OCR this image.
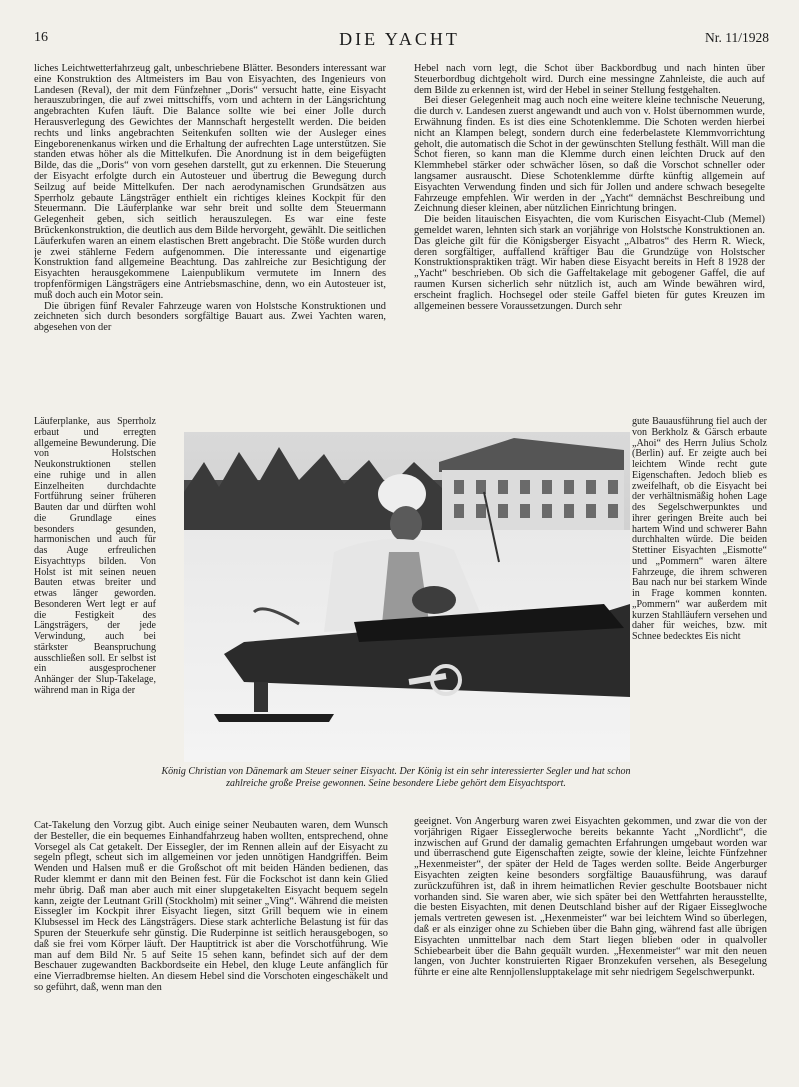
16	DIE YACHT	Nr. 11/1928

liches Leichtwetterfahrzeug galt, unbeschriebene Blätter. Besonders interessant war eine Konstruktion des Altmeisters im Bau von Eisyachten, des Ingenieurs von Landesen (Reval), der mit dem Fünfzehner „Doris“ versucht hatte, eine Eisyacht herauszubringen, die auf zwei mittschiffs, vorn und achtern in der Längsrichtung angebrachten Kufen läuft. Die Balance sollte wie bei einer Jolle durch Herausverlegung des Gewichtes der Mannschaft hergestellt werden. Die beiden rechts und links angebrachten Seitenkufen sollten wie der Ausleger eines Eingeborenenkanus wirken und die Erhaltung der aufrechten Lage unterstützen. Sie standen etwas höher als die Mittelkufen. Die Anordnung ist in dem beigefügten Bilde, das die „Doris“ von vorn gesehen darstellt, gut zu erkennen. Die Steuerung der Eisyacht erfolgte durch ein Autosteuer und übertrug die Bewegung durch Seilzug auf beide Mittelkufen. Der nach aerodynamischen Grundsätzen aus Sperrholz gebaute Längsträger enthielt ein richtiges kleines Kockpit für den Steuermann. Die Läuferplanke war sehr breit und sollte dem Steuermann Gelegenheit geben, sich seitlich herauszulegen. Es war eine feste Brückenkonstruktion, die deutlich aus dem Bilde hervorgeht, gewählt. Die seitlichen Läuferkufen waren an einem elastischen Brett angebracht. Die Stöße wurden durch je zwei stählerne Federn aufgenommen. Die interessante und eigenartige Konstruktion fand allgemeine Beachtung. Das zahlreiche zur Besichtigung der Eisyachten herausgekommene Laienpublikum vermutete im Innern des tropfenförmigen Längsträgers eine Antriebsmaschine, denn, wo ein Autosteuer ist, muß doch auch ein Motor sein.

Die übrigen fünf Revaler Fahrzeuge waren von Holstsche Konstruktionen und zeichneten sich durch besonders sorgfältige Bauart aus. Zwei Yachten waren, abgesehen von der

Hebel nach vorn legt, die Schot über Backbordbug und nach hinten über Steuerbordbug dichtgeholt wird. Durch eine messingne Zahnleiste, die auch auf dem Bilde zu erkennen ist, wird der Hebel in seiner Stellung festgehalten.

Bei dieser Gelegenheit mag auch noch eine weitere kleine technische Neuerung, die durch v. Landesen zuerst angewandt und auch von v. Holst übernommen wurde, Erwähnung finden. Es ist dies eine Schotenklemme. Die Schoten werden hierbei nicht an Klampen belegt, sondern durch eine federbelastete Klemmvorrichtung geholt, die automatisch die Schot in der gewünschten Stellung festhält. Will man die Schot fieren, so kann man die Klemme durch einen leichten Druck auf den Klemmhebel stärker oder schwächer lösen, so daß die Vorschot schneller oder langsamer ausrauscht. Diese Schotenklemme dürfte künftig allgemein auf Eisyachten Verwendung finden und sich für Jollen und andere schwach besegelte Fahrzeuge empfehlen. Wir werden in der „Yacht“ demnächst Beschreibung und Zeichnung dieser kleinen, aber nützlichen Einrichtung bringen.

Die beiden litauischen Eisyachten, die vom Kurischen Eisyacht-Club (Memel) gemeldet waren, lehnten sich stark an vorjährige von Holstsche Konstruktionen an. Das gleiche gilt für die Königsberger Eisyacht „Albatros“ des Herrn R. Wieck, deren sorgfältiger, auffallend kräftiger Bau die Grundzüge von Holstscher Konstruktionspraktiken trägt. Wir haben diese Eisyacht bereits in Heft 8 1928 der „Yacht“ beschrieben. Ob sich die Gaffeltakelage mit gebogener Gaffel, die auf raumen Kursen sicherlich sehr nützlich ist, auch am Winde bewähren wird, erscheint fraglich. Hochsegel oder steile Gaffel bieten für gutes Kreuzen im allgemeinen bessere Voraussetzungen. Durch sehr

Läuferplanke, aus Sperrholz erbaut und erregten allgemeine Bewunderung. Die von Holstschen Neukonstruktionen stellen eine ruhige und in allen Einzelheiten durchdachte Fortführung seiner früheren Bauten dar und dürften wohl die Grundlage eines besonders gesunden, harmonischen und auch für das Auge erfreulichen Eisyachttyps bilden. Von Holst ist mit seinen neuen Bauten etwas breiter und etwas länger geworden. Besonderen Wert legt er auf die Festigkeit des Längsträgers, der jede Verwindung, auch bei stärkster Beanspruchung ausschließen soll. Er selbst ist ein ausgesprochener Anhänger der Slup-Takelage, während man in Riga der

gute Bauausführung fiel auch der von Berkholz & Gärsch erbaute „Ahoi“ des Herrn Julius Scholz (Berlin) auf. Er zeigte auch bei leichtem Winde recht gute Eigenschaften. Jedoch blieb es zweifelhaft, ob die Eisyacht bei der verhältnismäßig hohen Lage des Segelschwerpunktes und ihrer geringen Breite auch bei hartem Wind und schwerer Bahn durchhalten würde. Die beiden Stettiner Eisyachten „Eismotte“ und „Pommern“ waren ältere Fahrzeuge, die ihrem schweren Bau nach nur bei starkem Winde in Frage kommen konnten. „Pommern“ war außerdem mit kurzen Stahlläufern versehen und daher für weiches, bzw. mit Schnee bedecktes Eis nicht

König Christian von Dänemark am Steuer seiner Eisyacht. Der König ist ein sehr interessierter Segler und hat schon zahlreiche große Preise gewonnen. Seine besondere Liebe gehört dem Eisyachtsport.

Cat-Takelung den Vorzug gibt. Auch einige seiner Neubauten waren, dem Wunsch der Besteller, die ein bequemes Einhandfahrzeug haben wollten, entsprechend, ohne Vorsegel als Cat getakelt. Der Eissegler, der im Rennen allein auf der Eisyacht zu segeln pflegt, scheut sich im allgemeinen vor jeden unnötigen Handgriffen. Beim Wenden und Halsen muß er die Großschot oft mit beiden Händen bedienen, das Ruder klemmt er dann mit den Beinen fest. Für die Fockschot ist dann kein Glied mehr übrig. Daß man aber auch mit einer slupgetakelten Eisyacht bequem segeln kann, zeigte der Leutnant Grill (Stockholm) mit seiner „Ving“. Während die meisten Eissegler im Kockpit ihrer Eisyacht liegen, sitzt Grill bequem wie in einem Klubsessel im Heck des Längsträgers. Diese stark achterliche Belastung ist für das Spuren der Steuerkufe sehr günstig. Die Ruderpinne ist seitlich herausgebogen, so daß sie frei vom Körper läuft. Der Hauptitrick ist aber die Vorschotführung. Wie man auf dem Bild Nr. 5 auf Seite 15 sehen kann, befindet sich auf der dem Beschauer zugewandten Backbordseite ein Hebel, den kluge Leute anfänglich für eine Vierradbremse hielten. An diesem Hebel sind die Vorschoten eingeschäkelt und so geführt, daß, wenn man den

geeignet. Von Angerburg waren zwei Eisyachten gekommen, und zwar die von der vorjährigen Rigaer Eisseglerwoche bereits bekannte Yacht „Nordlicht“, die inzwischen auf Grund der damalig gemachten Erfahrungen umgebaut worden war und überraschend gute Eigenschaften zeigte, sowie der kleine, leichte Fünfzehner „Hexenmeister“, der später der Held de Tages werden sollte. Beide Angerburger Eisyachten zeigten keine besonders sorgfältige Bauausführung, was darauf zurückzuführen ist, daß in ihrem heimatlichen Revier geschulte Bootsbauer nicht vorhanden sind. Sie waren aber, wie sich später bei den Wettfahrten herausstellte, die besten Eisyachten, mit denen Deutschland bisher auf der Rigaer Eisseglwoche jemals vertreten gewesen ist. „Hexenmeister“ war bei leichtem Wind so überlegen, daß er als einziger ohne zu Schieben über die Bahn ging, während fast alle übrigen Eisyachten unmittelbar nach dem Start liegen blieben oder in qualvoller Schiebearbeit über die Bahn gequält wurden. „Hexenmeister“ war mit den neuen langen, von Juchter konstruierten Rigaer Bronzekufen versehen, als Besegelung führte er eine alte Rennjollenslupptakelage mit sehr niedrigem Segelschwerpunkt.
